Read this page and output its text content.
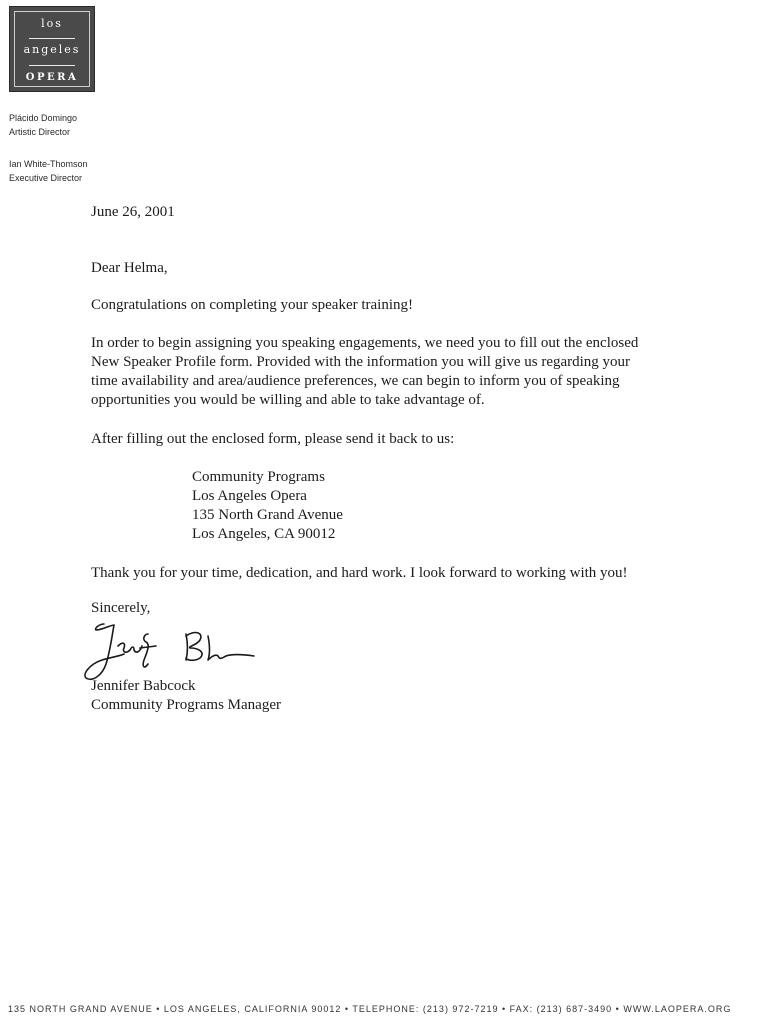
los
angeles
OPERA
Plácido Domingo
Artistic Director
Ian White-Thomson
Executive Director
June 26, 2001
Dear Helma,
Congratulations on completing your speaker training!
In order to begin assigning you speaking engagements, we need you to fill out the enclosed
New Speaker Profile form. Provided with the information you will give us regarding your
time availability and area/audience preferences, we can begin to inform you of speaking
opportunities you would be willing and able to take advantage of.
After filling out the enclosed form, please send it back to us:
Community Programs
Los Angeles Opera
135 North Grand Avenue
Los Angeles, CA 90012
Thank you for your time, dedication, and hard work. I look forward to working with you!
Sincerely,
Jennifer Babcock
Community Programs Manager
135 NORTH GRAND AVENUE • LOS ANGELES, CALIFORNIA 90012 • TELEPHONE: (213) 972-7219 • FAX: (213) 687-3490 • WWW.LAOPERA.ORG
